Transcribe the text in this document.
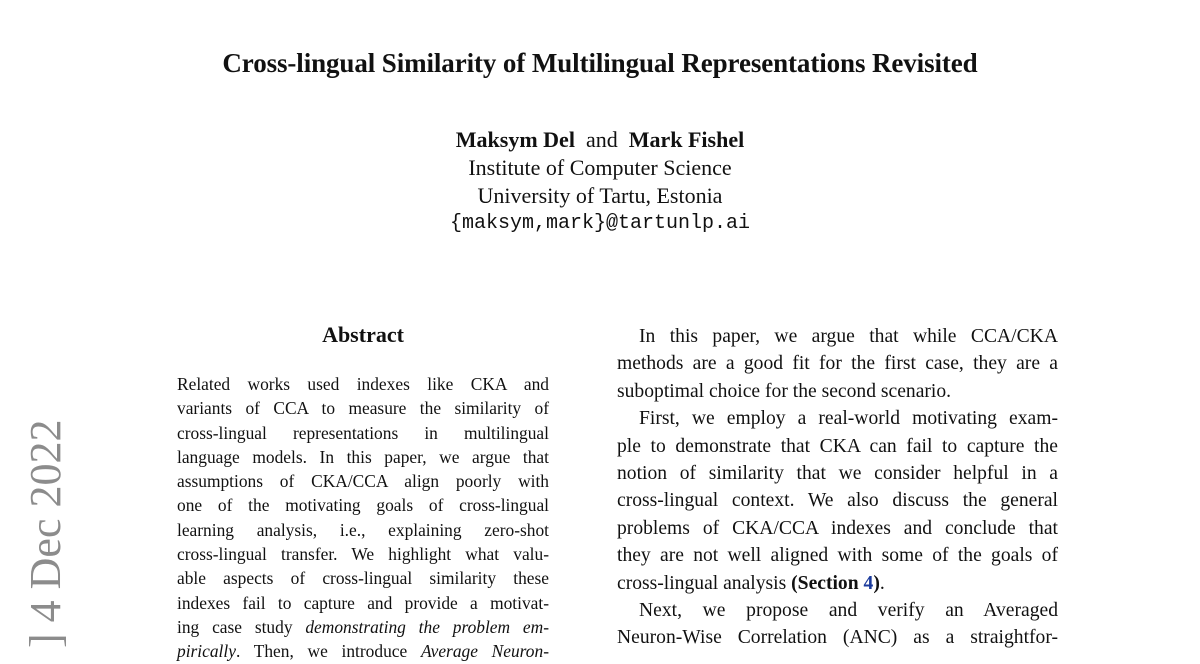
Cross-lingual Similarity of Multilingual Representations Revisited
Maksym Del and Mark Fishel
Institute of Computer Science
University of Tartu, Estonia
{maksym,mark}@tartunlp.ai
] 4 Dec 2022
Abstract
Related works used indexes like CKA and
variants of CCA to measure the similarity of
cross-lingual representations in multilingual
language models. In this paper, we argue that
assumptions of CKA/CCA align poorly with
one of the motivating goals of cross-lingual
learning analysis, i.e., explaining zero-shot
cross-lingual transfer. We highlight what valu-
able aspects of cross-lingual similarity these
indexes fail to capture and provide a motivat-
ing case study demonstrating the problem em-
pirically. Then, we introduce Average Neuron-
In this paper, we argue that while CCA/CKA
methods are a good fit for the first case, they are a
suboptimal choice for the second scenario.
First, we employ a real-world motivating exam-
ple to demonstrate that CKA can fail to capture the
notion of similarity that we consider helpful in a
cross-lingual context. We also discuss the general
problems of CKA/CCA indexes and conclude that
they are not well aligned with some of the goals of
cross-lingual analysis (Section 4).
Next, we propose and verify an Averaged
Neuron-Wise Correlation (ANC) as a straightfor-
